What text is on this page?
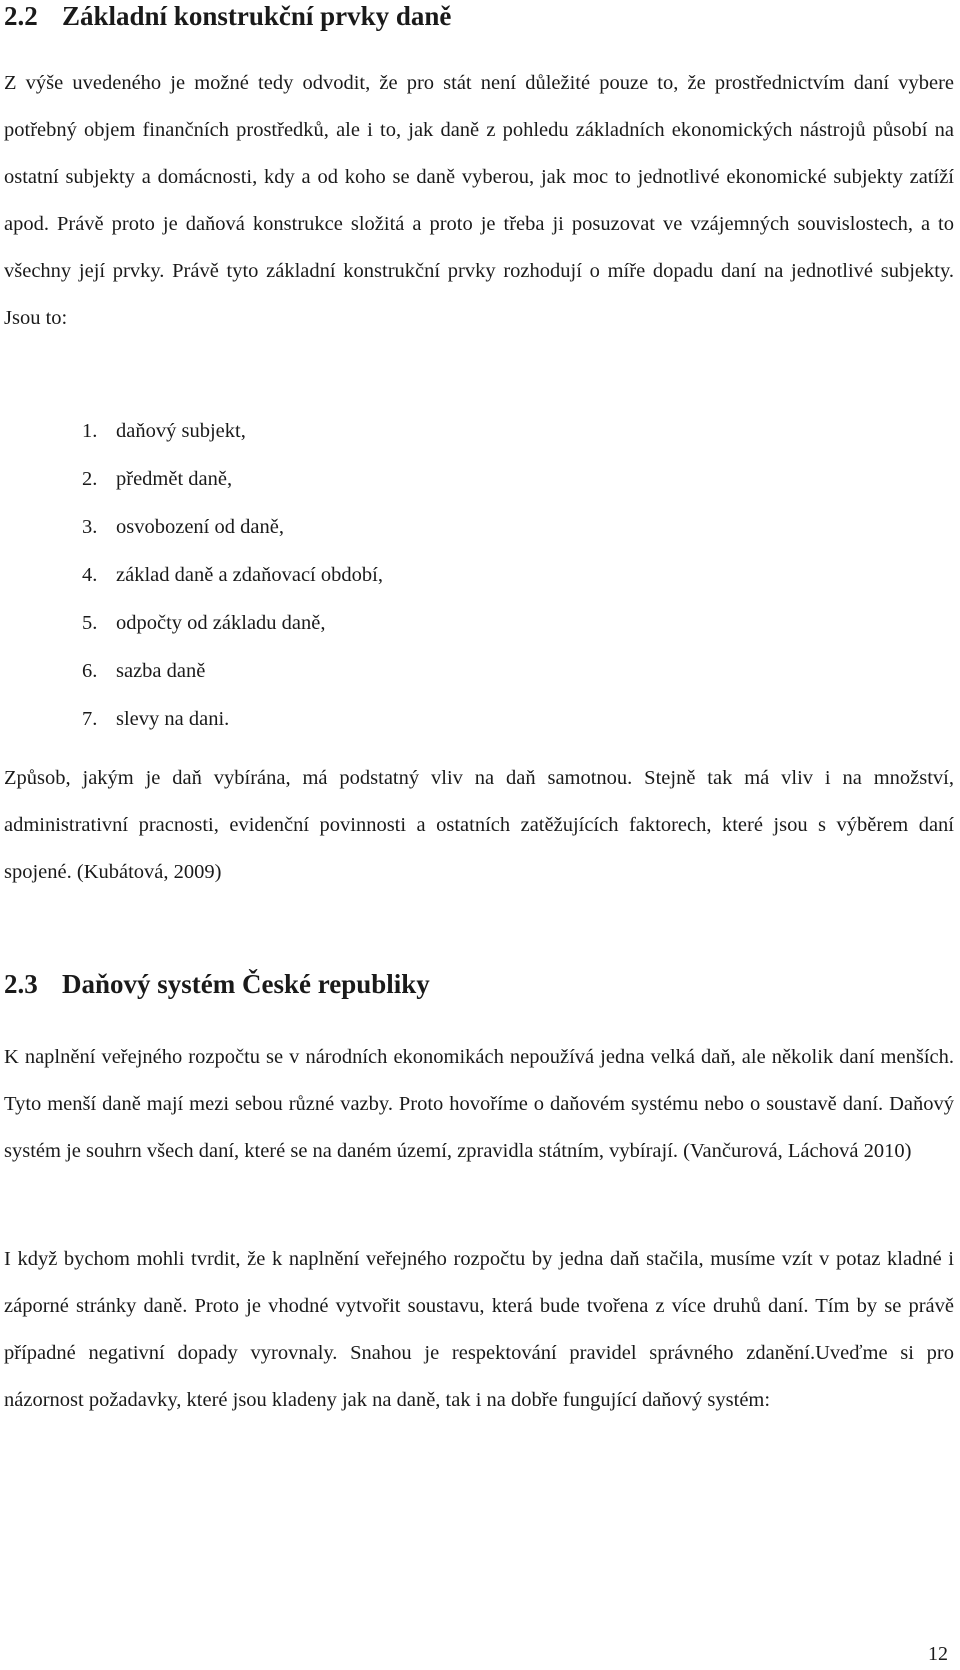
2.2 Základní konstrukční prvky daně

Z výše uvedeného je možné tedy odvodit, že pro stát není důležité pouze to, že prostřednictvím daní vybere potřebný objem finančních prostředků, ale i to, jak daně z pohledu základních ekonomických nástrojů působí na ostatní subjekty a domácnosti, kdy a od koho se daně vyberou, jak moc to jednotlivé ekonomické subjekty zatíží apod. Právě proto je daňová konstrukce složitá a proto je třeba ji posuzovat ve vzájemných souvislostech, a to všechny její prvky. Právě tyto základní konstrukční prvky rozhodují o míře dopadu daní na jednotlivé subjekty. Jsou to:

1. daňový subjekt,
2. předmět daně,
3. osvobození od daně,
4. základ daně a zdaňovací období,
5. odpočty od základu daně,
6. sazba daně
7. slevy na dani.

Způsob, jakým je daň vybírána, má podstatný vliv na daň samotnou. Stejně tak má vliv i na množství, administrativní pracnosti, evidenční povinnosti a ostatních zatěžujících faktorech, které jsou s výběrem daní spojené. (Kubátová, 2009)

2.3 Daňový systém České republiky

K naplnění veřejného rozpočtu se v národních ekonomikách nepoužívá jedna velká daň, ale několik daní menších. Tyto menší daně mají mezi sebou různé vazby. Proto hovoříme o daňovém systému nebo o soustavě daní. Daňový systém je souhrn všech daní, které se na daném území, zpravidla státním, vybírají. (Vančurová, Láchová 2010)

I když bychom mohli tvrdit, že k naplnění veřejného rozpočtu by jedna daň stačila, musíme vzít v potaz kladné i záporné stránky daně. Proto je vhodné vytvořit soustavu, která bude tvořena z více druhů daní. Tím by se právě případné negativní dopady vyrovnaly. Snahou je respektování pravidel správného zdanění.Uveďme si pro názornost požadavky, které jsou kladeny jak na daně, tak i na dobře fungující daňový systém:

12
